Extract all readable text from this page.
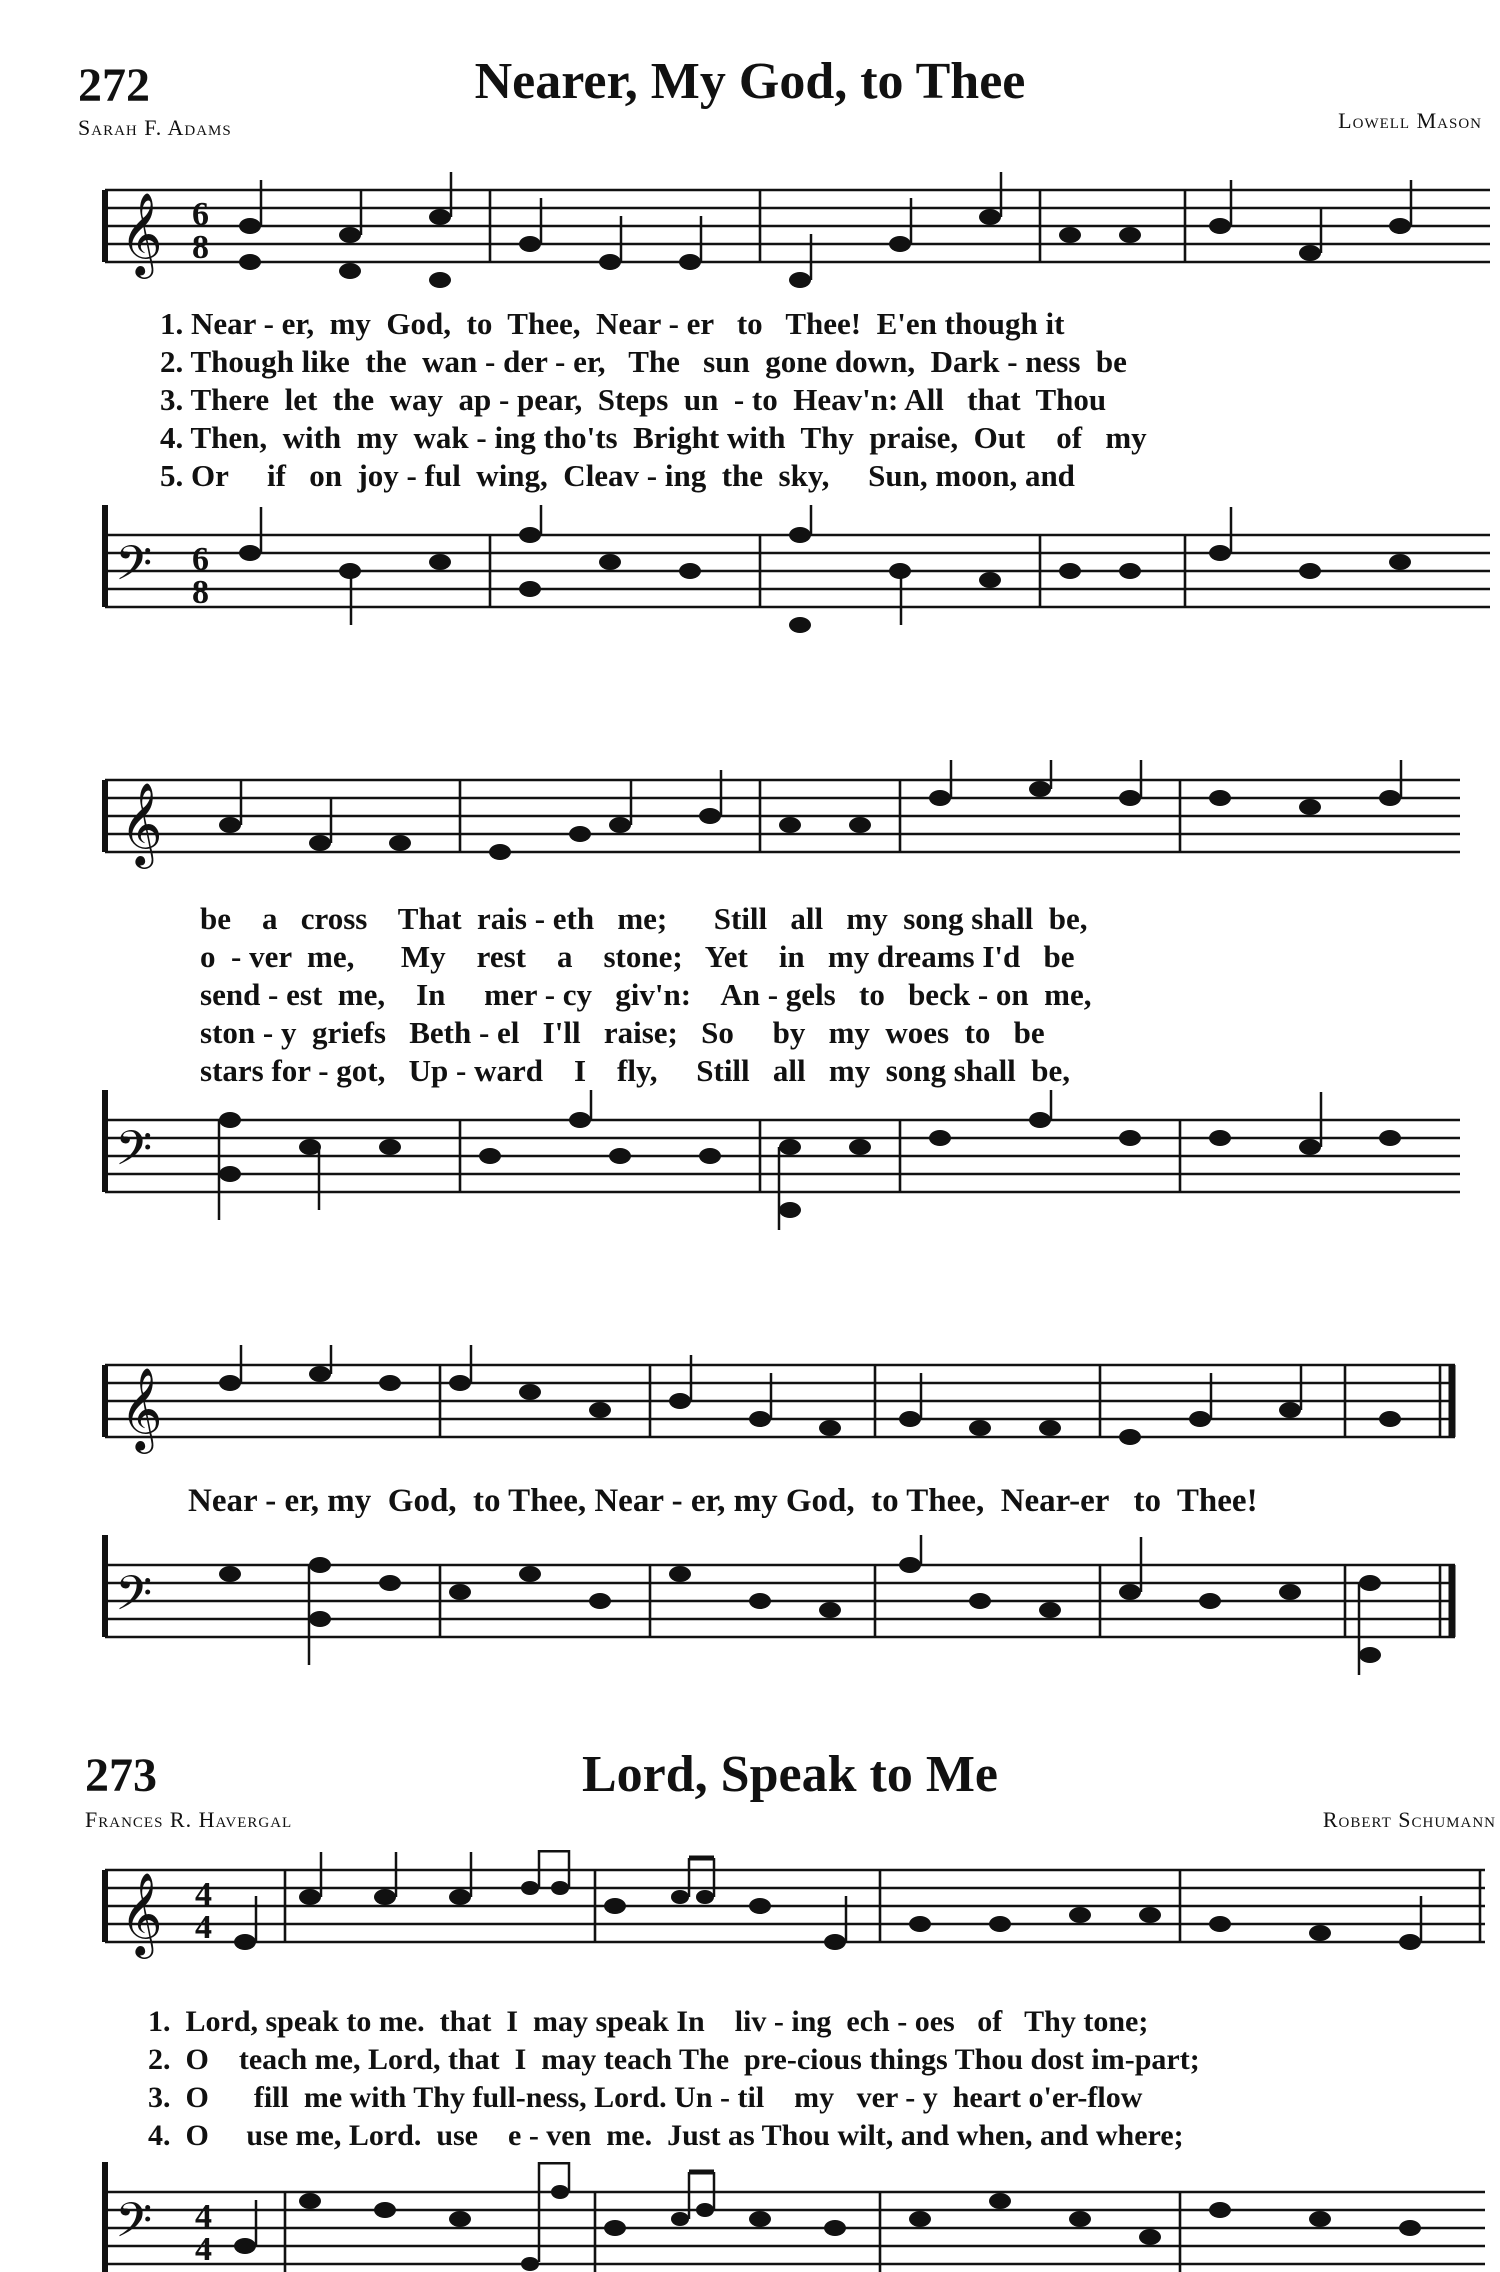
272	Nearer, My God, to Thee
Sarah F. Adams	Lowell Mason
𝄞 6
8
1. Near - er,  my  God,  to  Thee,  Near - er   to   Thee!  E'en though it
2. Though like  the  wan - der - er,   The   sun  gone down,  Dark - ness  be
3. There  let  the  way  ap - pear,  Steps  un  - to  Heav'n: All   that  Thou
4. Then,  with  my  wak - ing tho'ts  Bright with  Thy  praise,  Out    of   my
5. Or     if   on  joy - ful  wing,  Cleav - ing  the  sky,     Sun, moon, and
𝄢 6
8
𝄞
be    a   cross    That  rais - eth   me;      Still   all   my  song shall  be,
o  - ver  me,      My    rest    a    stone;   Yet    in   my dreams I'd   be
send - est  me,    In     mer - cy   giv'n:    An - gels   to   beck - on  me,
ston - y  griefs   Beth - el   I'll   raise;   So     by   my  woes  to   be
stars for - got,   Up - ward    I    fly,     Still   all   my  song shall  be,
𝄢
𝄞
Near - er, my  God,  to Thee, Near - er, my God,  to Thee,  Near-er   to  Thee!
𝄢
273	Lord, Speak to Me
Frances R. Havergal	Robert Schumann
𝄞 4
4
1.  Lord, speak to me.  that  I  may speak In    liv - ing  ech - oes   of   Thy tone;
2.  O    teach me, Lord, that  I  may teach The  pre-cious things Thou dost im-part;
3.  O      fill  me with Thy full-ness, Lord. Un - til    my   ver - y  heart o'er-flow
4.  O     use me, Lord.  use    e - ven  me.  Just as Thou wilt, and when, and where;
𝄢 4
4
